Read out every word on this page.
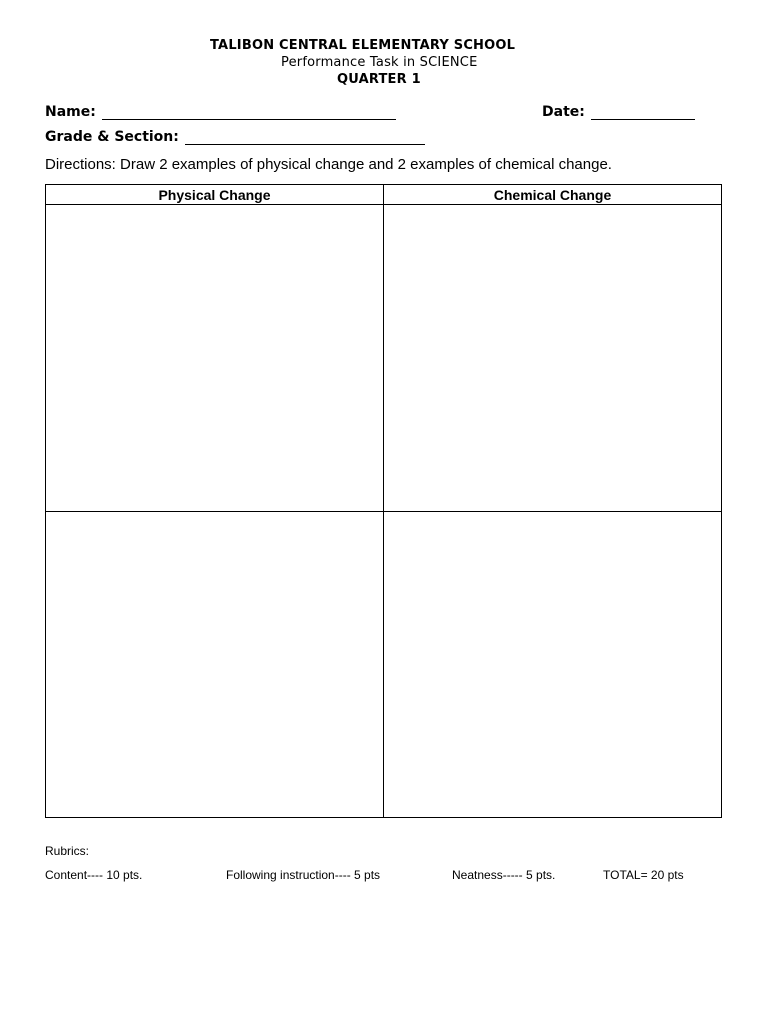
TALIBON CENTRAL ELEMENTARY SCHOOL
Performance Task in SCIENCE
QUARTER 1
Name:	Date:
Grade & Section:
Directions: Draw 2 examples of physical change and 2 examples of chemical change.
Physical Change	Chemical Change
Rubrics:
Content---- 10 pts.	Following instruction---- 5 pts	Neatness----- 5 pts.	TOTAL= 20 pts
